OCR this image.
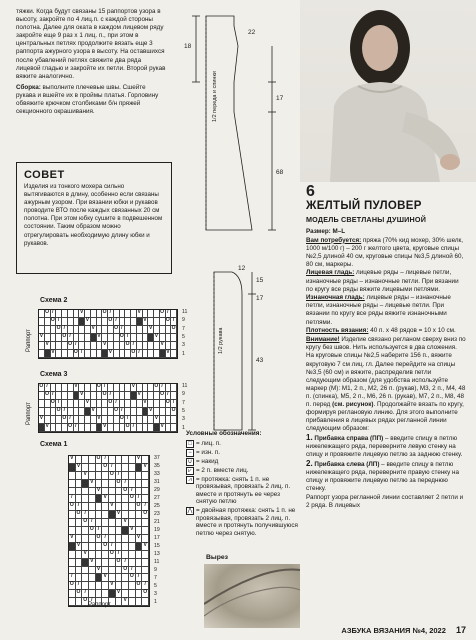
тяжки. Когда будут связаны 15 раппортов узора в высоту, закройте по 4 лиц.п. с каждой стороны полотна. Далее для оката в каждом лицевом ряду закройте еще 9 раз x 1 лиц. п., при этом в центральных петлях продолжите вязать еще 3 раппорта ажурного узора в высоту. На оставшихся после убавлений петлях свяжите два ряда лицевой гладью и закройте их петли. Второй рукав вяжите аналогично.

Сборка: выполните плечевые швы. Сшейте рукава и вшейте их в проймы платья. Горловину обвяжите крючком столбиками б/н пряжей секционного окрашивания.

СОВЕТ
Изделия из тонкого мохера сильно вытягиваются в длину, особенно если связаны ажурным узором. При вязании юбки и рукавов проводите ВТО после каждых связанных 20 см полотна. При этом юбку сушите в подвешенном состоянии. Таким образом можно отрегулировать необходимую длину юбки и рукавов.
18
22
17
68
1/2 переда и спинки
12
15
17
43
1/2 рукава
Схема 2
O /	V	O /	V	O /
O /	V	O /	V	O /
O /	V	O /	V	O
V	O /	V	O /	V
V	O /	V	O /	V
V	O /	V	O /	V
Раппорт
Схема 3
O /	V	O /	V	O /
O /	V	O /	V	O /
O /	V	O /	V	O /
O /	V	O /	V	O
V	O /	V	O /	V
V	O /	V	O /	V
Раппорт
Схема 1
V	O /	V
V	O /	V
V	O /
V	O /
V	O /
/	V	O /
O /	V	O /
O /	V	O
O /	V
O /	V
V	O /	V
V	O /	V
V	O /
V	O /
V	O /
/	V	O /
O /	V	O /
O /	V	O
O /	V
Раппорт
11
9
7
5
3
1
11
9
7
5
3
1
37
35
33
31
29
27
25
23
21
19
17
15
13
11
9
7
5
3
1
Условные обозначения:
□ = лиц. п.
− = изн. п.
∪ = накид
⩗ = 2 п. вместе лиц.
⩘ = протяжка: снять 1 п. не провязывая, провязать 2 лиц. п. вместе и протянуть ее через снятую петлю
⋀ = двойная протяжка: снять 1 п. не провязывая, провязать 2 лиц. п. вместе и протянуть получившуюся петлю через снятую.
Вырез
6
ЖЕЛТЫЙ ПУЛОВЕР
МОДЕЛЬ СВЕТЛАНЫ ДУШИНОЙ

Размер: M–L

Вам потребуется: пряжа (70% кид мохер, 30% шелк, 1000 м/100 г) – 200 г желтого цвета, круговые спицы №2,5 длиной 40 см, круговые спицы №3,5 длиной 60, 80 см, маркеры.

Лицевая гладь: лицевые ряды – лицевые петли, изнаночные ряды – изнаночные петли. При вязании по кругу все ряды вяжите лицевыми петлями.

Изнаночная гладь: лицевые ряды – изнаночные петли, изнаночные ряды – лицевые петли. При вязании по кругу все ряды вяжите изнаночными петлями.

Плотность вязания: 40 п. x 48 рядов = 10 x 10 см.

Внимание! Изделие связано регланом сверху вниз по кругу без швов. Нить используется в два сложения.

На круговые спицы №2,5 наберите 156 п., вяжите вкруговую 7 см лиц. гл. Далее перейдите на спицы №3,5 (60 см) и вяжите, распределив петли следующим образом (для удобства используйте маркер (М): М1, 2 п., М2, 26 п. (рукав), М3, 2 п., М4, 48 п. (спинка), М5, 2 п., М6, 26 п. (рукав), М7, 2 п., М8, 48 п. перед (см. рисунок). Продолжайте вязать по кругу, формируя реглановую линию. Для этого выполните прибавления в лицевых рядах регланной линии следующим образом:

1. Прибавка справа (ПП) – введите спицу в петлю нижележащего ряда, переверните левую стенку на спицу и провяжите лицевую петлю за заднюю стенку.

2. Прибавка слева (ЛП) – введите спицу в петлю нижележащего ряда, переверните правую стенку на спицу и провяжите лицевую петлю за переднюю стенку.

Раппорт узора регланной линии составляет 2 петли и 2 ряда. В лицевых

АЗБУКА ВЯЗАНИЯ №4, 2022 17
